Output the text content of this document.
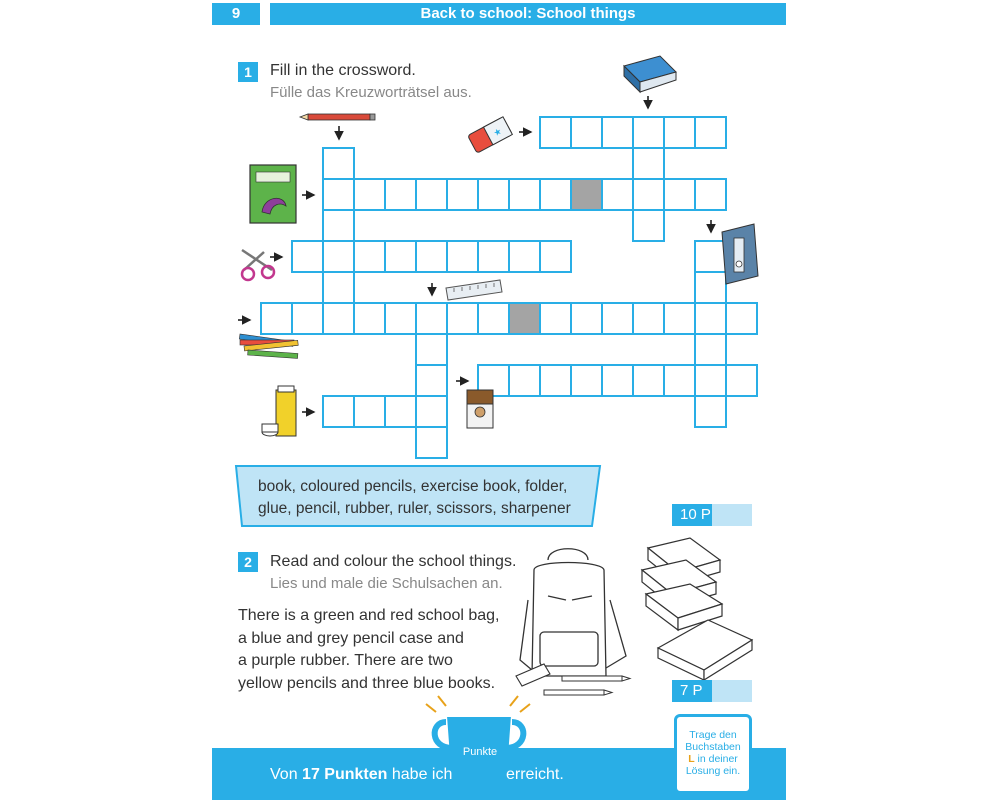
9	Back to school: School things
1	Fill in the crossword.
Fülle das Kreuzworträtsel aus.
★
book, coloured pencils, exercise book, folder,
glue, pencil, rubber, ruler, scissors, sharpener	10 P
2	Read and colour the school things.
Lies und male die Schulsachen an.
There is a green and red school bag,
a blue and grey pencil case and
a purple rubber. There are two
yellow pencils and three blue books.	7 P
Von 17 Punkten habe ich	erreicht.
Punkte
Trage den
Buchstaben
L in deiner
Lösung ein.
